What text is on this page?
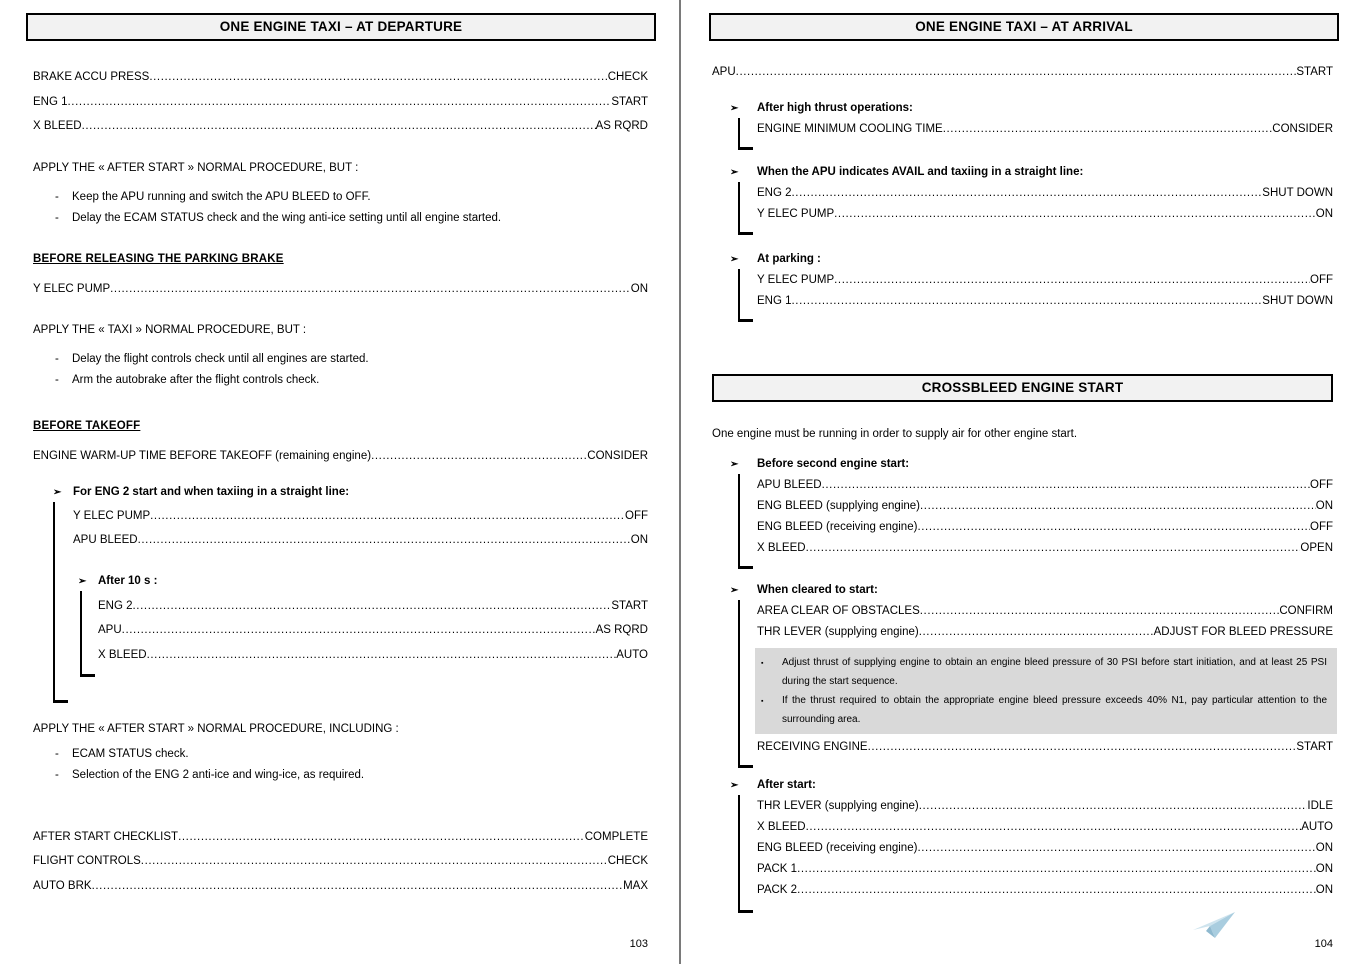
ONE ENGINE TAXI – AT DEPARTURE
BRAKE ACCU PRESS .....	CHECK
ENG 1 .....	START
X BLEED .....	AS RQRD
APPLY THE « AFTER START » NORMAL PROCEDURE, BUT :
-	Keep the APU running and switch the APU BLEED to OFF.
-	Delay the ECAM STATUS check and the wing anti-ice setting until all engine started.
BEFORE RELEASING THE PARKING BRAKE
Y ELEC PUMP .....	ON
APPLY THE « TAXI » NORMAL PROCEDURE, BUT :
-	Delay the flight controls check until all engines are started.
-	Arm the autobrake after the flight controls check.
BEFORE TAKEOFF
ENGINE WARM-UP TIME BEFORE TAKEOFF (remaining engine) .....	CONSIDER
➢	For ENG 2 start and when taxiing in a straight line:
Y ELEC PUMP .....	OFF
APU BLEED .....	ON
➢	After 10 s :
ENG 2 .....	START
APU .....	AS RQRD
X BLEED .....	AUTO
APPLY THE « AFTER START » NORMAL PROCEDURE, INCLUDING :
-	ECAM STATUS check.
-	Selection of the ENG 2 anti-ice and wing-ice, as required.
AFTER START CHECKLIST .....	COMPLETE
FLIGHT CONTROLS .....	CHECK
AUTO BRK .....	MAX
103
ONE ENGINE TAXI – AT ARRIVAL
APU .....	START
➢	After high thrust operations:
ENGINE MINIMUM COOLING TIME .....	CONSIDER
➢	When the APU indicates AVAIL and taxiing in a straight line:
ENG 2 .....	SHUT DOWN
Y ELEC PUMP .....	ON
➢	At parking :
Y ELEC PUMP .....	OFF
ENG 1 .....	SHUT DOWN
CROSSBLEED ENGINE START
One engine must be running in order to supply air for other engine start.
➢	Before second engine start:
APU BLEED .....	OFF
ENG BLEED (supplying engine) .....	ON
ENG BLEED (receiving engine) .....	OFF
X BLEED .....	OPEN
➢	When cleared to start:
AREA CLEAR OF OBSTACLES .....	CONFIRM
THR LEVER (supplying engine) .....	ADJUST FOR BLEED PRESSURE
▪	Adjust thrust of supplying engine to obtain an engine bleed pressure of 30 PSI before start initiation, and at least 25 PSI during the start sequence.
▪	If the thrust required to obtain the appropriate engine bleed pressure exceeds 40% N1, pay particular attention to the surrounding area.
RECEIVING ENGINE .....	START
➢	After start:
THR LEVER (supplying engine) .....	IDLE
X BLEED .....	AUTO
ENG BLEED (receiving engine) .....	ON
PACK 1 .....	ON
PACK 2 .....	ON
104
